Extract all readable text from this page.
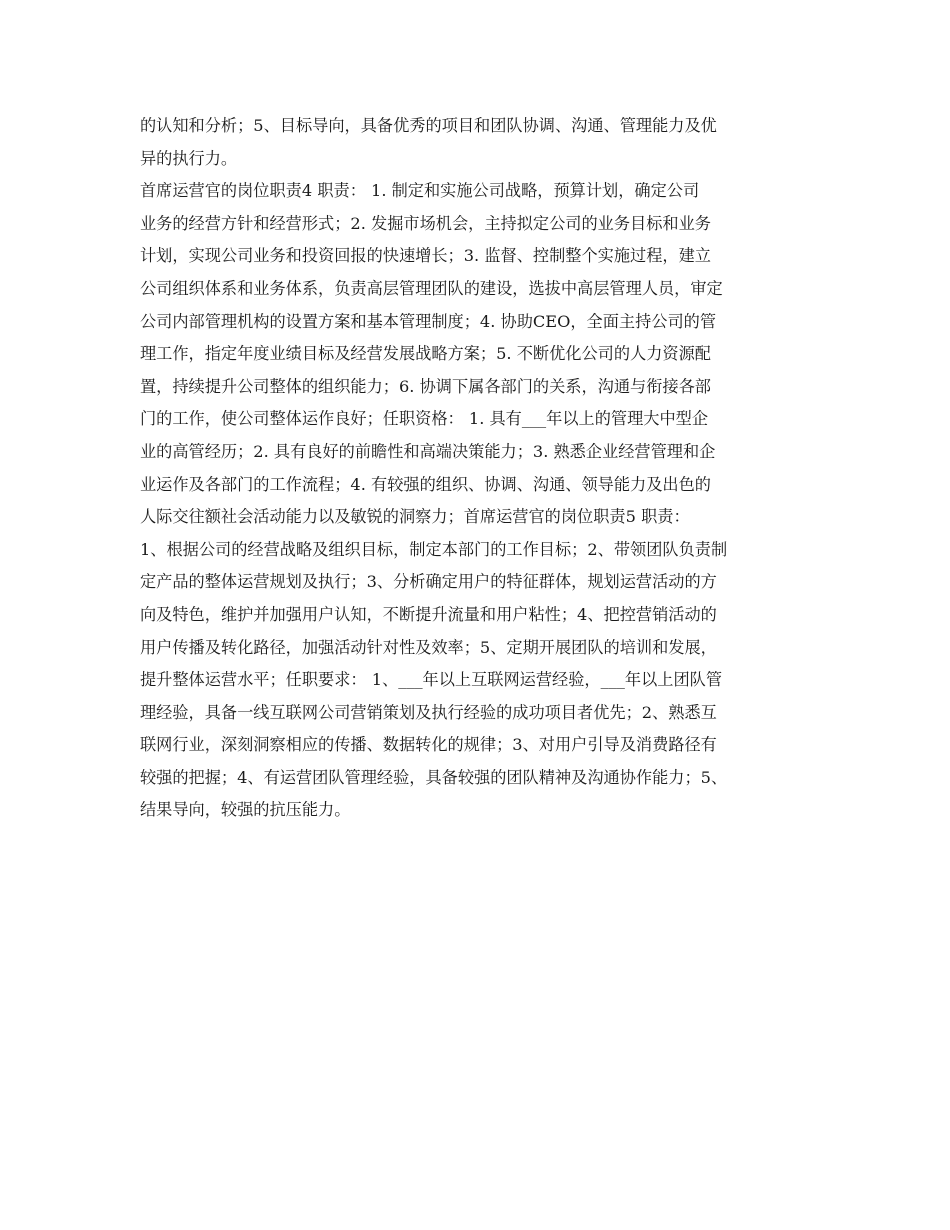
的认知和分析；5、目标导向，具备优秀的项目和团队协调、沟通、管理能力及优
异的执行力。
首席运营官的岗位职责4 职责： 1. 制定和实施公司战略，预算计划，确定公司
业务的经营方针和经营形式；2. 发掘市场机会，主持拟定公司的业务目标和业务
计划，实现公司业务和投资回报的快速增长；3. 监督、控制整个实施过程，建立
公司组织体系和业务体系，负责高层管理团队的建设，选拔中高层管理人员，审定
公司内部管理机构的设置方案和基本管理制度；4. 协助CEO，全面主持公司的管
理工作，指定年度业绩目标及经营发展战略方案；5. 不断优化公司的人力资源配
置，持续提升公司整体的组织能力；6. 协调下属各部门的关系，沟通与衔接各部
门的工作，使公司整体运作良好；任职资格： 1. 具有___年以上的管理大中型企
业的高管经历；2. 具有良好的前瞻性和高端决策能力；3. 熟悉企业经营管理和企
业运作及各部门的工作流程；4. 有较强的组织、协调、沟通、领导能力及出色的
人际交往额社会活动能力以及敏锐的洞察力；首席运营官的岗位职责5 职责：
1、根据公司的经营战略及组织目标，制定本部门的工作目标；2、带领团队负责制
定产品的整体运营规划及执行；3、分析确定用户的特征群体，规划运营活动的方
向及特色，维护并加强用户认知，不断提升流量和用户粘性；4、把控营销活动的
用户传播及转化路径，加强活动针对性及效率；5、定期开展团队的培训和发展，
提升整体运营水平；任职要求： 1、___年以上互联网运营经验，___年以上团队管
理经验，具备一线互联网公司营销策划及执行经验的成功项目者优先；2、熟悉互
联网行业，深刻洞察相应的传播、数据转化的规律；3、对用户引导及消费路径有
较强的把握；4、有运营团队管理经验，具备较强的团队精神及沟通协作能力；5、
结果导向，较强的抗压能力。
